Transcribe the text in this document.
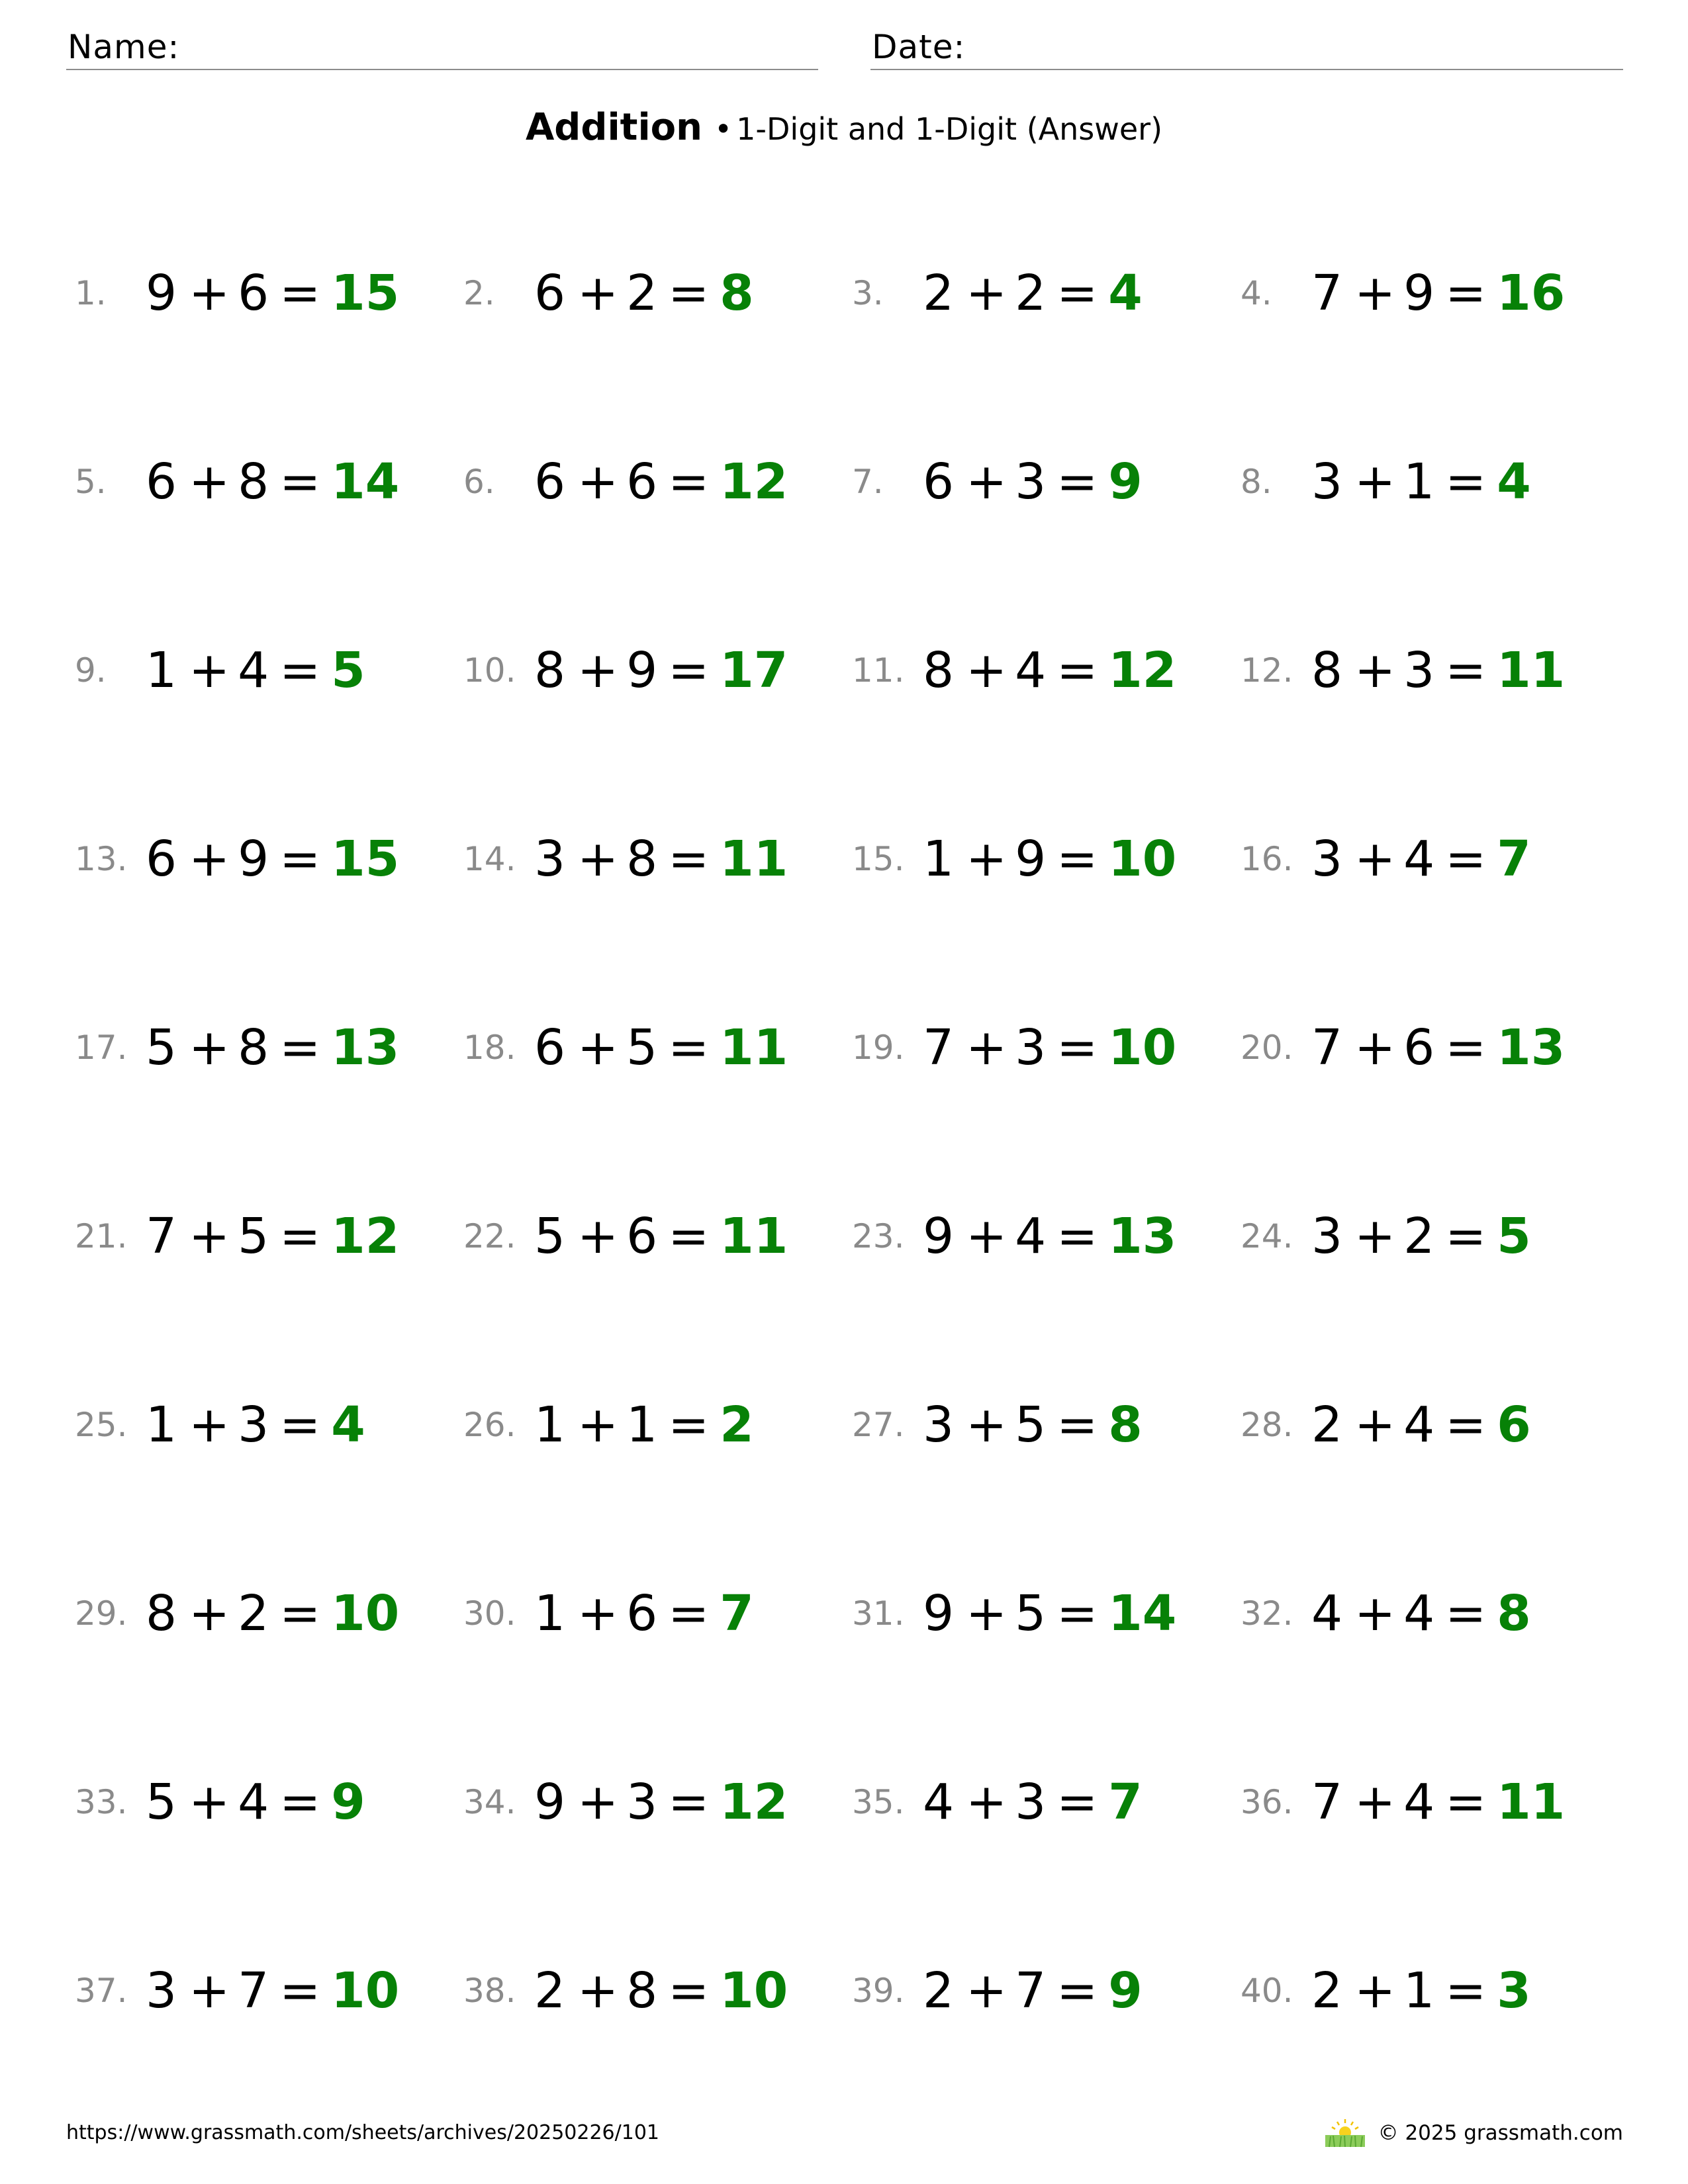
Name:	Date:
Addition • 1-Digit and 1-Digit (Answer)
1. 9 + 6 = 15 2. 6 + 2 = 8	3. 2 + 2 = 4	4. 7 + 9 = 16
5. 6 + 8 = 14 6. 6 + 6 = 12 7. 6 + 3 = 9	8. 3 + 1 = 4
9. 1 + 4 = 5	10. 8 + 9 = 17 11. 8 + 4 = 12 12. 8 + 3 = 11
13. 6 + 9 = 15 14. 3 + 8 = 11 15. 1 + 9 = 10 16. 3 + 4 = 7
17. 5 + 8 = 13 18. 6 + 5 = 11 19. 7 + 3 = 10 20. 7 + 6 = 13
21. 7 + 5 = 12 22. 5 + 6 = 11 23. 9 + 4 = 13 24. 3 + 2 = 5
25. 1 + 3 = 4	26. 1 + 1 = 2	27. 3 + 5 = 8	28. 2 + 4 = 6
29. 8 + 2 = 10 30. 1 + 6 = 7	31. 9 + 5 = 14 32. 4 + 4 = 8
33. 5 + 4 = 9	34. 9 + 3 = 12 35. 4 + 3 = 7	36. 7 + 4 = 11
37. 3 + 7 = 10 38. 2 + 8 = 10 39. 2 + 7 = 9	40. 2 + 1 = 3
https://www.grassmath.com/sheets/archives/20250226/101	© 2025 grassmath.com
